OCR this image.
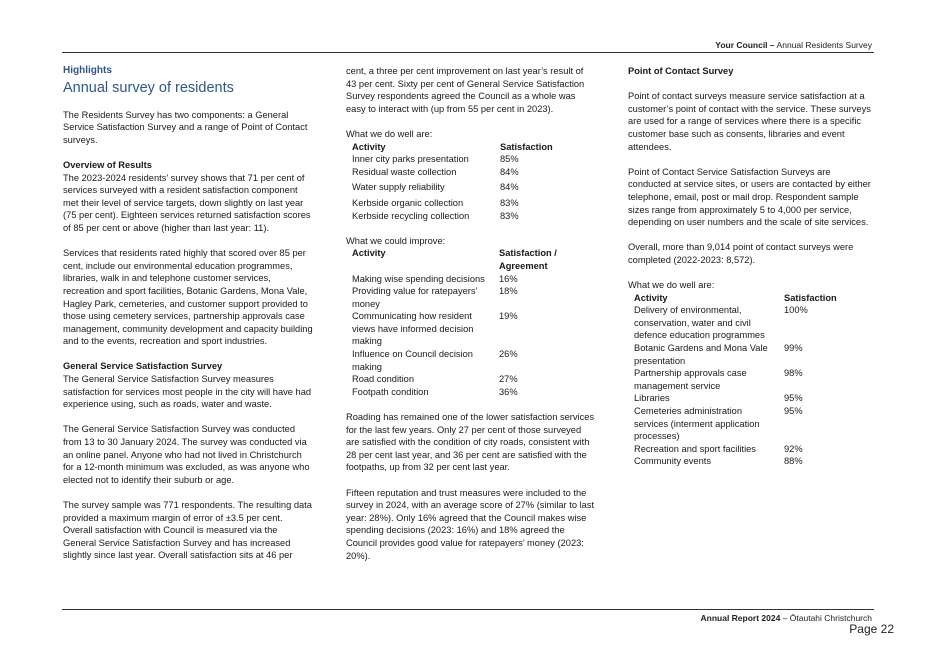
Your Council – Annual Residents Survey
Highlights
Annual survey of residents

The Residents Survey has two components: a General Service Satisfaction Survey and a range of Point of Contact surveys.

Overview of Results

The 2023-2024 residents’ survey shows that 71 per cent of services surveyed with a resident satisfaction component met their level of service targets, down slightly on last year (75 per cent). Eighteen services returned satisfaction scores of 85 per cent or above (higher than last year: 11).

Services that residents rated highly that scored over 85 per cent, include our environmental education programmes, libraries, walk in and telephone customer services, recreation and sport facilities, Botanic Gardens, Mona Vale, Hagley Park, cemeteries, and customer support provided to those using cemetery services, partnership approvals case management, community development and capacity building and to the events, recreation and sport industries.

General Service Satisfaction Survey

The General Service Satisfaction Survey measures satisfaction for services most people in the city will have had experience using, such as roads, water and waste.

The General Service Satisfaction Survey was conducted from 13 to 30 January 2024. The survey was conducted via an online panel. Anyone who had not lived in Christchurch for a 12-month minimum was excluded, as was anyone who elected not to identify their suburb or age.

The survey sample was 771 respondents. The resulting data provided a maximum margin of error of ±3.5 per cent. Overall satisfaction with Council is measured via the General Service Satisfaction Survey and has increased slightly since last year. Overall satisfaction sits at 46 per

cent, a three per cent improvement on last year’s result of 43 per cent. Sixty per cent of General Service Satisfaction Survey respondents agreed the Council as a whole was easy to interact with (up from 55 per cent in 2023).

What we do well are:
Activity	Satisfaction
Inner city parks presentation	85%
Residual waste collection	84%
Water supply reliability	84%
Kerbside organic collection	83%
Kerbside recycling collection	83%
What we could improve:
Activity	Satisfaction / Agreement
Making wise spending decisions	16%
Providing value for ratepayers’ money	18%
Communicating how resident views have informed decision making	19%
Influence on Council decision making	26%
Road condition	27%
Footpath condition	36%

Roading has remained one of the lower satisfaction services for the last few years. Only 27 per cent of those surveyed are satisfied with the condition of city roads, consistent with 28 per cent last year, and 36 per cent are satisfied with the footpaths, up from 32 per cent last year.

Fifteen reputation and trust measures were included to the survey in 2024, with an average score of 27% (similar to last year: 28%). Only 16% agreed that the Council makes wise spending decisions (2023: 16%) and 18% agreed the Council provides good value for ratepayers’ money (2023: 20%).

Point of Contact Survey

Point of contact surveys measure service satisfaction at a customer’s point of contact with the service. These surveys are used for a range of services where there is a specific customer base such as consents, libraries and event attendees.

Point of Contact Service Satisfaction Surveys are conducted at service sites, or users are contacted by either telephone, email, post or mail drop. Respondent sample sizes range from approximately 5 to 4,000 per service, depending on user numbers and the scale of site services.

Overall, more than 9,014 point of contact surveys were completed (2022-2023: 8,572).

What we do well are:
Activity	Satisfaction
Delivery of environmental, conservation, water and civil defence education programmes	100%
Botanic Gardens and Mona Vale presentation	99%
Partnership approvals case management service	98%
Libraries	95%
Cemeteries administration services (interment application processes)	95%
Recreation and sport facilities	92%
Community events	88%
Annual Report 2024 – Ōtautahi Christchurch
Page 22
